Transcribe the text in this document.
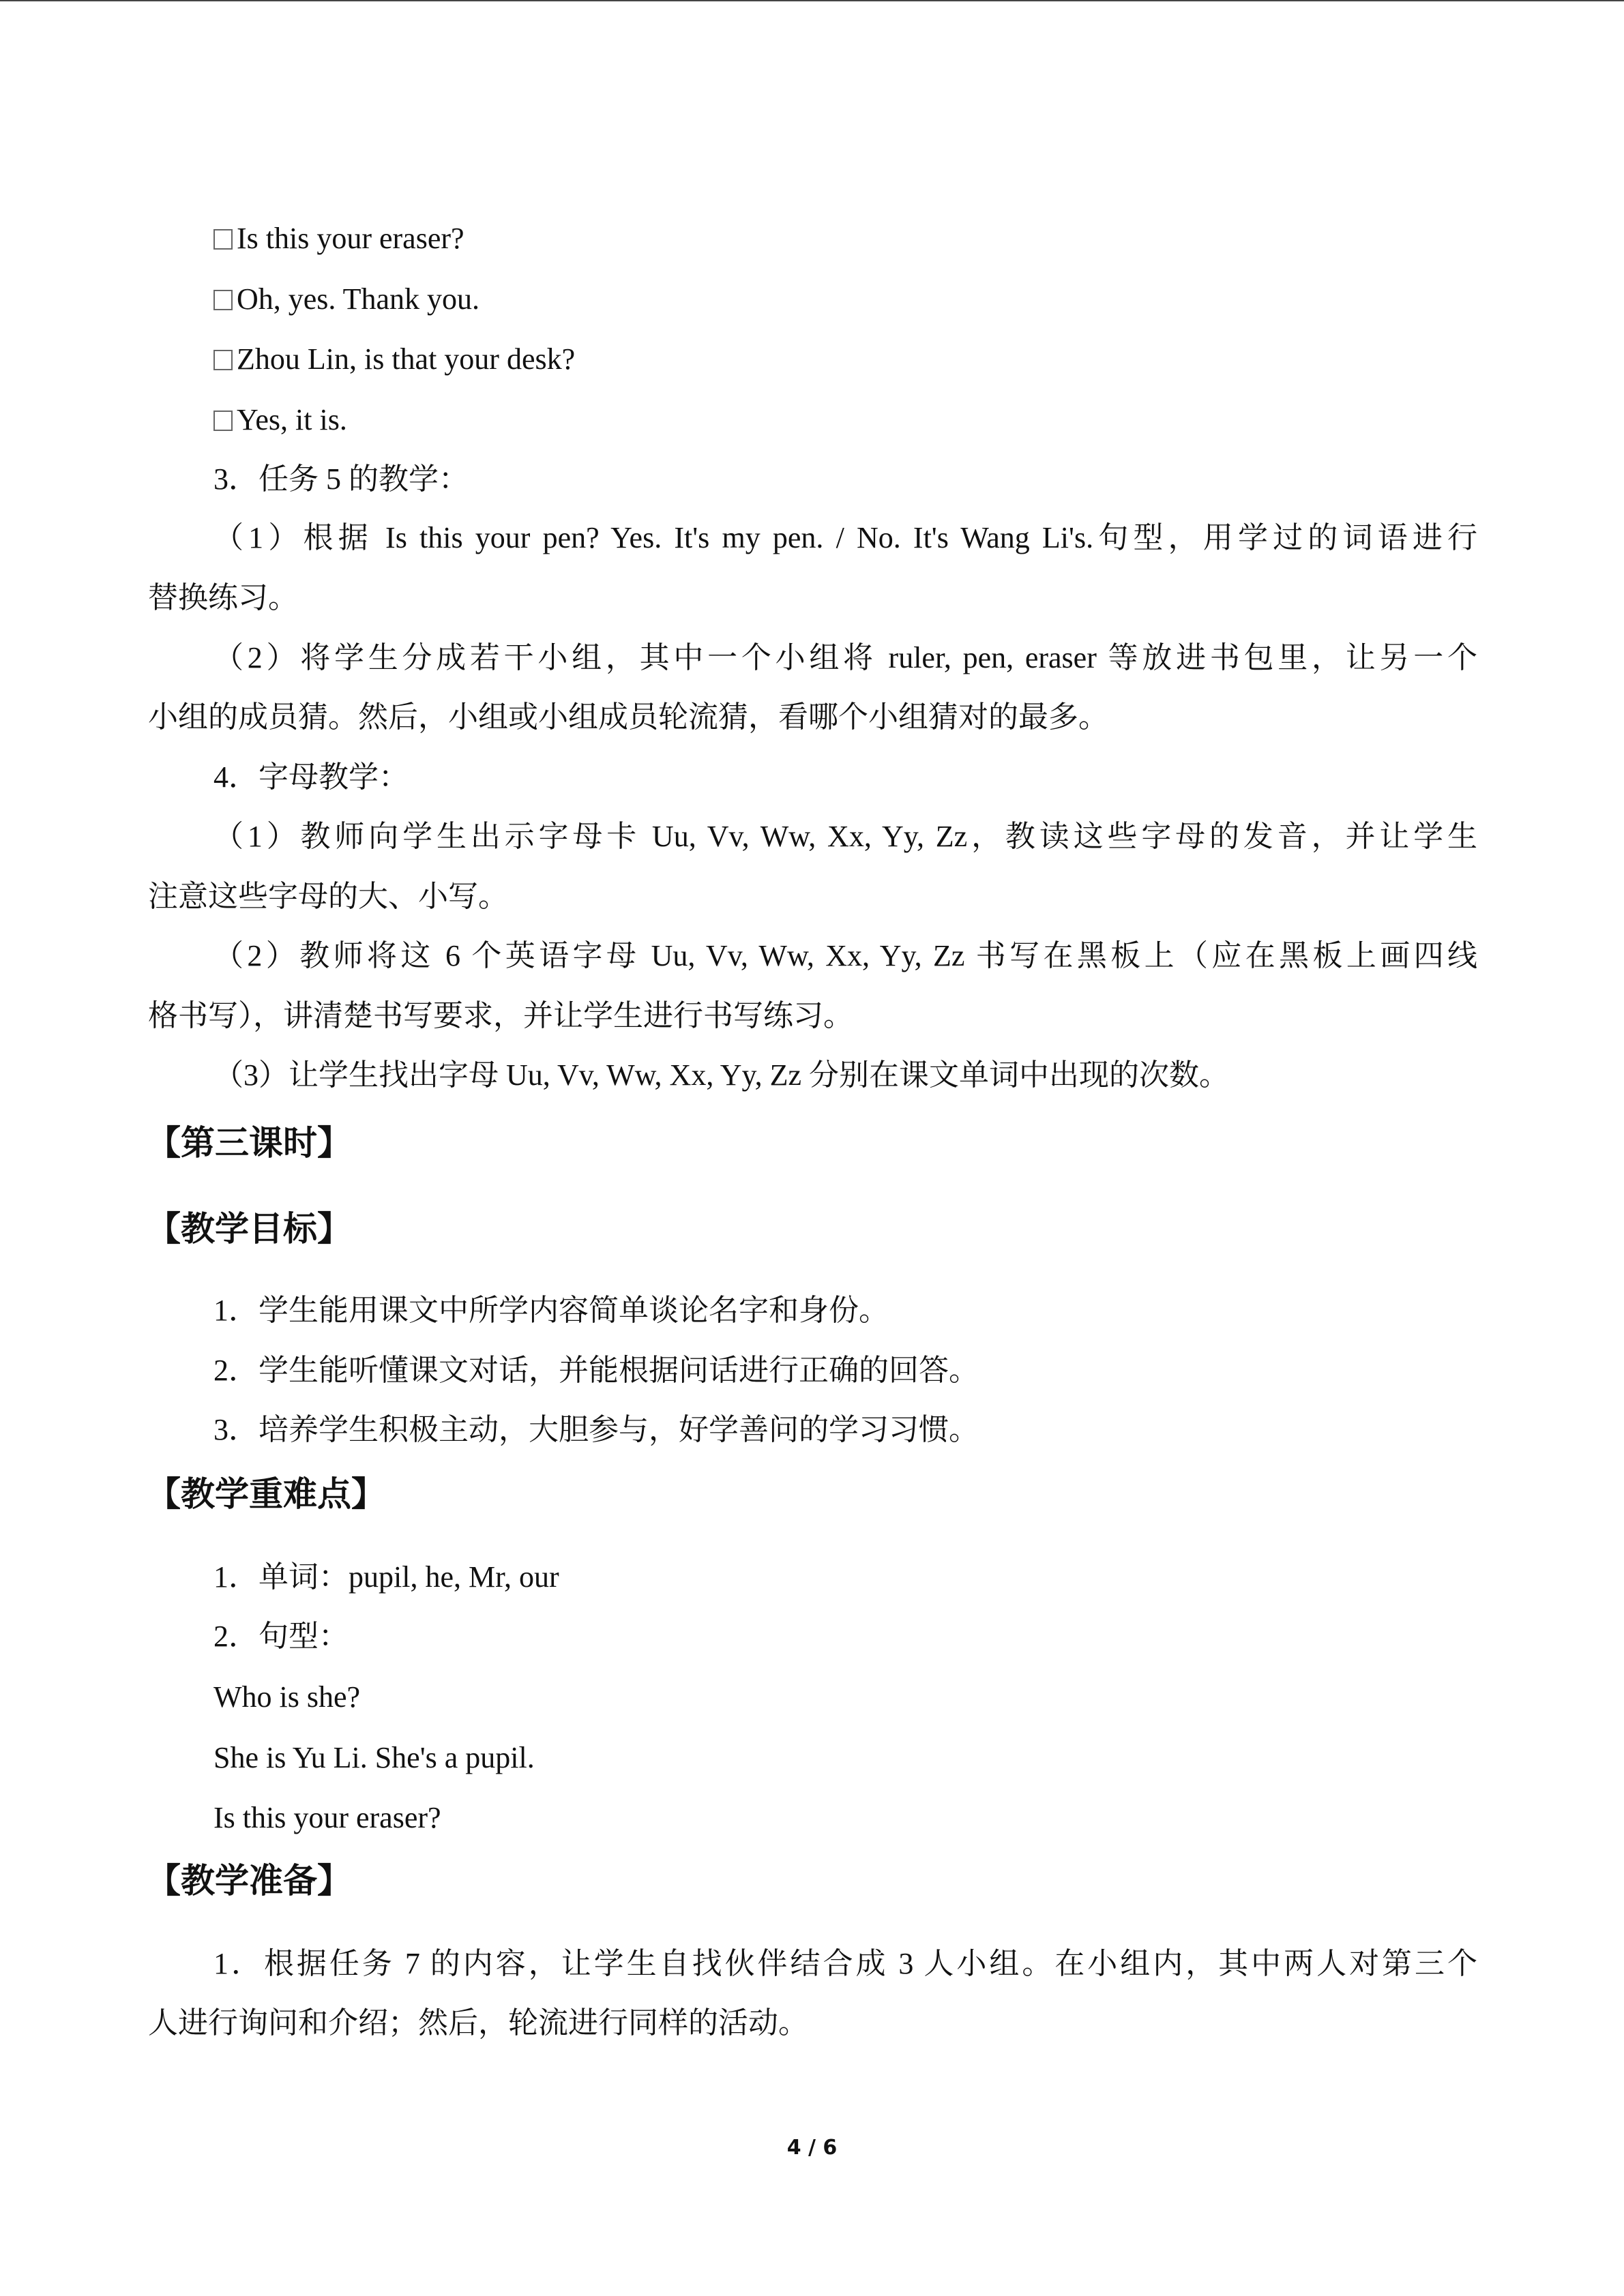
Is this your eraser?
Oh, yes. Thank you.
Zhou Lin, is that your desk?
Yes, it is.
3．任务 5 的教学：
（1）根据 Is this your pen? Yes. It's my pen. / No. It's Wang Li's.句型，用学过的词语进行
替换练习。
（2）将学生分成若干小组，其中一个小组将 ruler, pen, eraser 等放进书包里，让另一个
小组的成员猜。然后，小组或小组成员轮流猜，看哪个小组猜对的最多。
4．字母教学：
（1）教师向学生出示字母卡 Uu, Vv, Ww, Xx, Yy, Zz，教读这些字母的发音，并让学生
注意这些字母的大、小写。
（2）教师将这 6 个英语字母 Uu, Vv, Ww, Xx, Yy, Zz 书写在黑板上（应在黑板上画四线
格书写），讲清楚书写要求，并让学生进行书写练习。
（3）让学生找出字母 Uu, Vv, Ww, Xx, Yy, Zz 分别在课文单词中出现的次数。
【第三课时】
【教学目标】
1．学生能用课文中所学内容简单谈论名字和身份。
2．学生能听懂课文对话，并能根据问话进行正确的回答。
3．培养学生积极主动，大胆参与，好学善问的学习习惯。
【教学重难点】
1．单词：pupil, he, Mr, our
2．句型：
Who is she?
She is Yu Li. She's a pupil.
Is this your eraser?
【教学准备】
1．根据任务 7 的内容，让学生自找伙伴结合成 3 人小组。在小组内，其中两人对第三个
人进行询问和介绍；然后，轮流进行同样的活动。
4 / 6
